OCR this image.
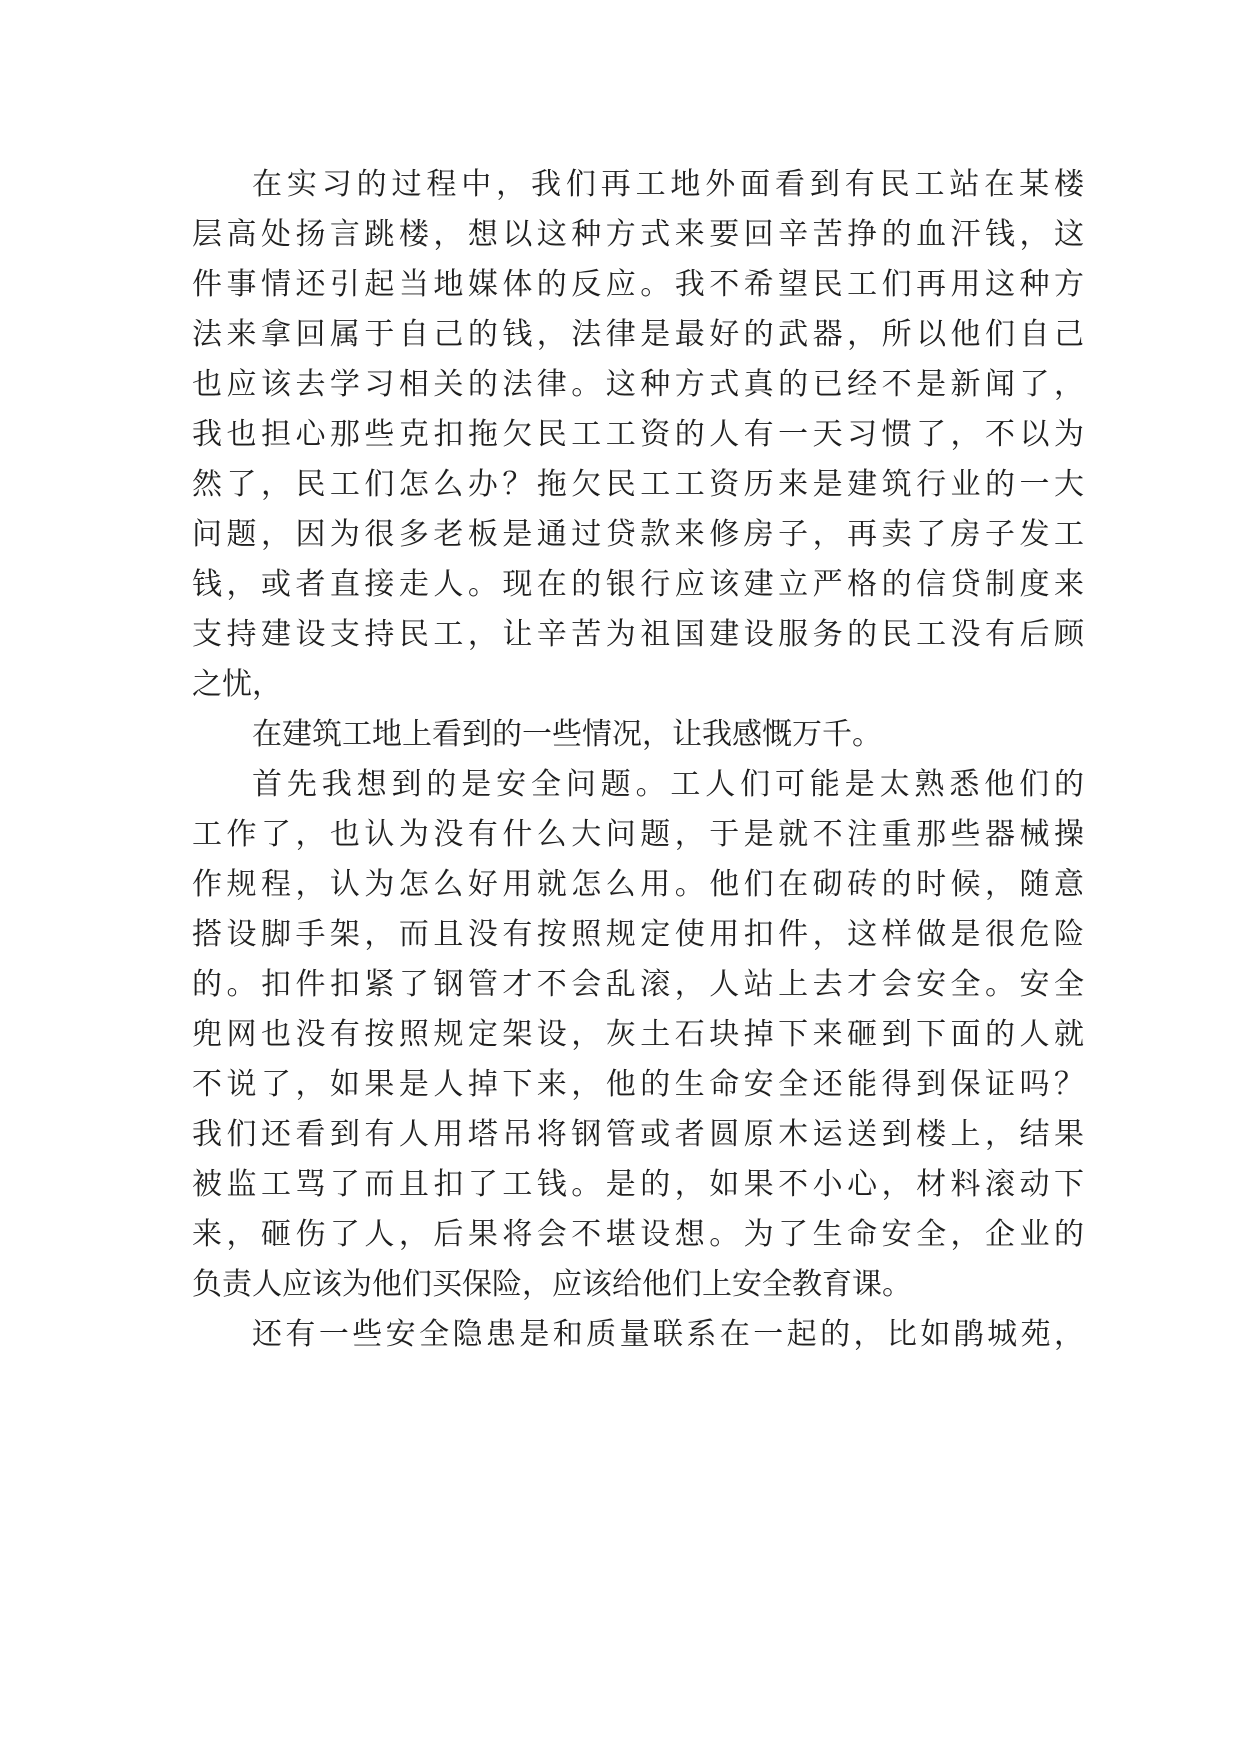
在实习的过程中，我们再工地外面看到有民工站在某楼
层高处扬言跳楼，想以这种方式来要回辛苦挣的血汗钱，这
件事情还引起当地媒体的反应。我不希望民工们再用这种方
法来拿回属于自己的钱，法律是最好的武器，所以他们自己
也应该去学习相关的法律。这种方式真的已经不是新闻了，
我也担心那些克扣拖欠民工工资的人有一天习惯了，不以为
然了，民工们怎么办？拖欠民工工资历来是建筑行业的一大
问题，因为很多老板是通过贷款来修房子，再卖了房子发工
钱，或者直接走人。现在的银行应该建立严格的信贷制度来
支持建设支持民工，让辛苦为祖国建设服务的民工没有后顾
之忧，
在建筑工地上看到的一些情况，让我感慨万千。
首先我想到的是安全问题。工人们可能是太熟悉他们的
工作了，也认为没有什么大问题，于是就不注重那些器械操
作规程，认为怎么好用就怎么用。他们在砌砖的时候，随意
搭设脚手架，而且没有按照规定使用扣件，这样做是很危险
的。扣件扣紧了钢管才不会乱滚，人站上去才会安全。安全
兜网也没有按照规定架设，灰土石块掉下来砸到下面的人就
不说了，如果是人掉下来，他的生命安全还能得到保证吗？
我们还看到有人用塔吊将钢管或者圆原木运送到楼上，结果
被监工骂了而且扣了工钱。是的，如果不小心，材料滚动下
来，砸伤了人，后果将会不堪设想。为了生命安全，企业的
负责人应该为他们买保险，应该给他们上安全教育课。
还有一些安全隐患是和质量联系在一起的，比如鹃城苑，
